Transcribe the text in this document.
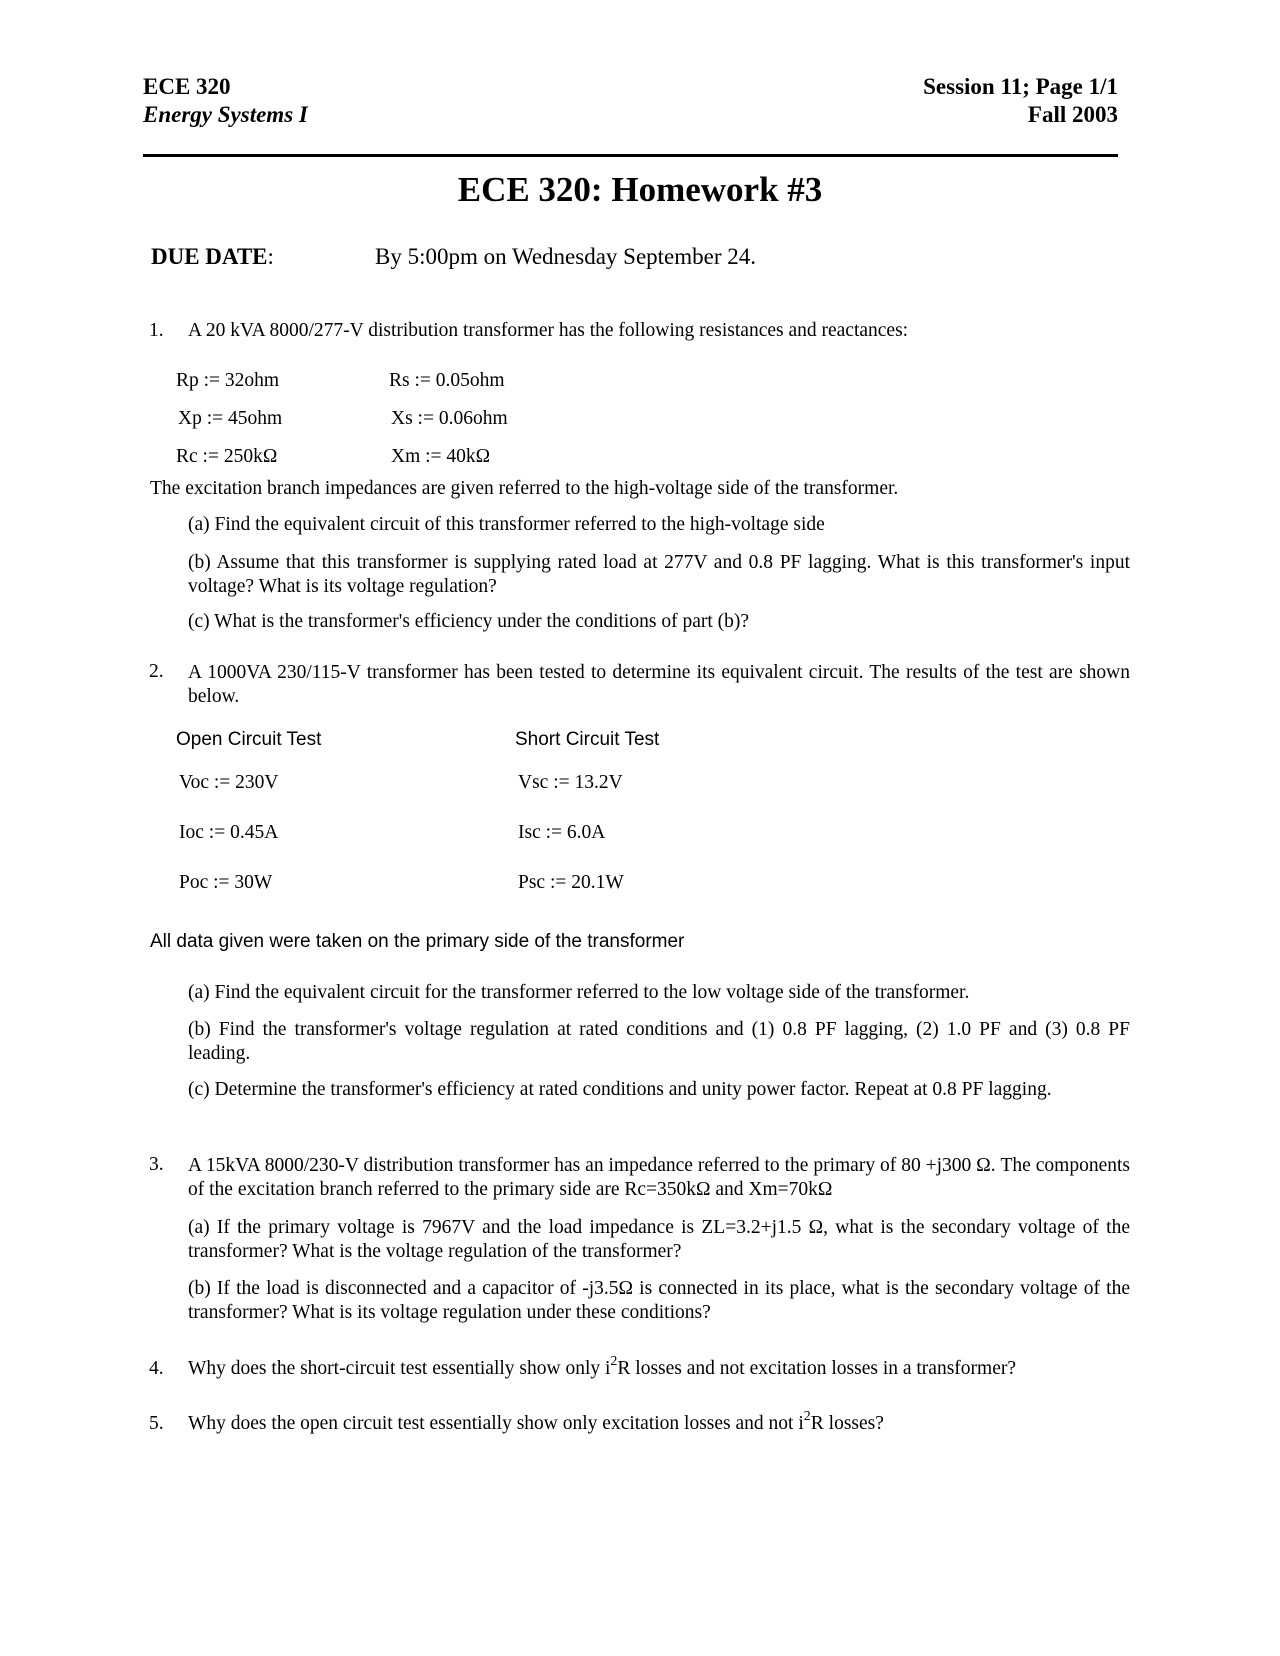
ECE 320
Energy Systems I
Session 11; Page 1/1
Fall 2003
ECE 320: Homework #3
DUE DATE:	By 5:00pm on Wednesday September 24.
1. A 20 kVA 8000/277-V distribution transformer has the following resistances and reactances:
Rp := 32ohm	Rs := 0.05ohm
Xp := 45ohm	Xs := 0.06ohm
Rc := 250kΩ	Xm := 40kΩ
The excitation branch impedances are given referred to the high-voltage side of the transformer.
(a) Find the equivalent circuit of this transformer referred to the high-voltage side
(b) Assume that this transformer is supplying rated load at 277V and 0.8 PF lagging. What is this transformer's input voltage? What is its voltage regulation?
(c) What is the transformer's efficiency under the conditions of part (b)?
2. A 1000VA 230/115-V transformer has been tested to determine its equivalent circuit. The results of the test are shown below.
Open Circuit Test	Short Circuit Test
Voc := 230V	Vsc := 13.2V
Ioc := 0.45A	Isc := 6.0A
Poc := 30W	Psc := 20.1W
All data given were taken on the primary side of the transformer
(a) Find the equivalent circuit for the transformer referred to the low voltage side of the transformer.
(b) Find the transformer's voltage regulation at rated conditions and (1) 0.8 PF lagging, (2) 1.0 PF and (3) 0.8 PF leading.
(c) Determine the transformer's efficiency at rated conditions and unity power factor. Repeat at 0.8 PF lagging.
3. A 15kVA 8000/230-V distribution transformer has an impedance referred to the primary of 80 +j300 Ω. The components of the excitation branch referred to the primary side are Rc=350kΩ and Xm=70kΩ
(a) If the primary voltage is 7967V and the load impedance is ZL=3.2+j1.5 Ω, what is the secondary voltage of the transformer? What is the voltage regulation of the transformer?
(b) If the load is disconnected and a capacitor of -j3.5Ω is connected in its place, what is the secondary voltage of the transformer? What is its voltage regulation under these conditions?
4. Why does the short-circuit test essentially show only $i^2R$ losses and not excitation losses in a transformer?
5. Why does the open circuit test essentially show only excitation losses and not $i^2R$ losses?
